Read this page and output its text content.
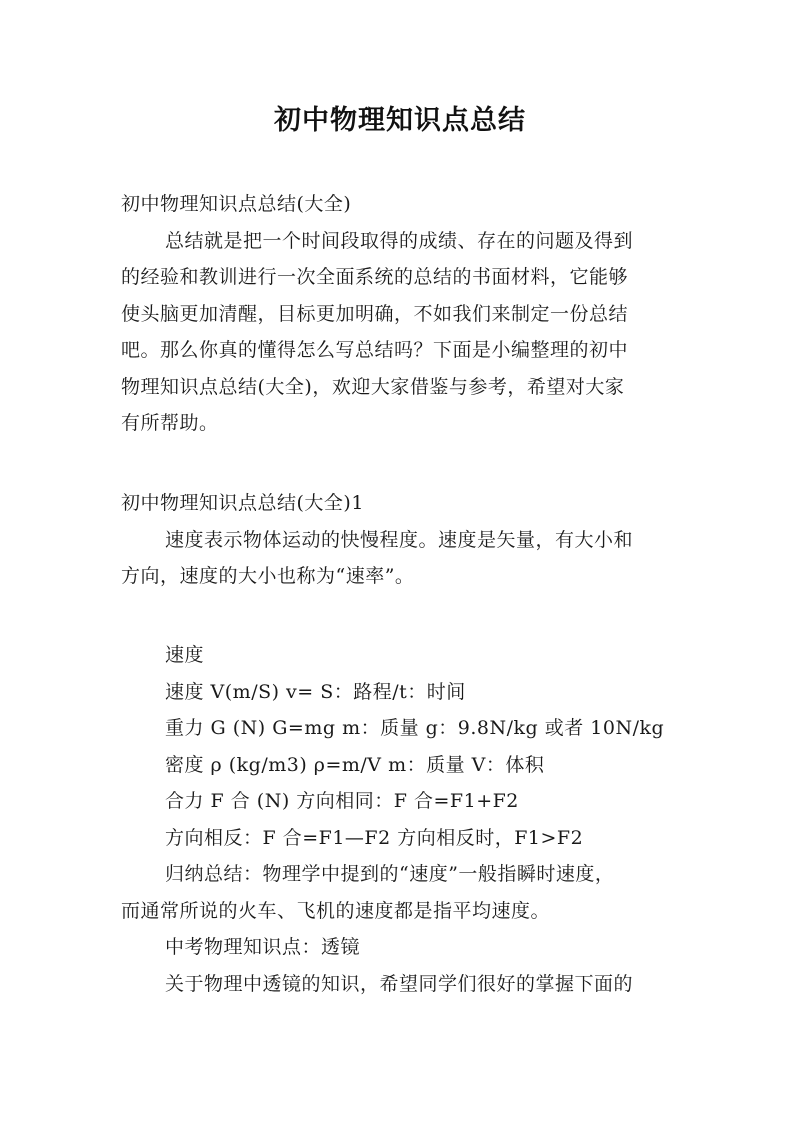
初中物理知识点总结
初中物理知识点总结(大全)
总结就是把一个时间段取得的成绩、存在的问题及得到
的经验和教训进行一次全面系统的总结的书面材料，它能够
使头脑更加清醒，目标更加明确，不如我们来制定一份总结
吧。那么你真的懂得怎么写总结吗？下面是小编整理的初中
物理知识点总结(大全)，欢迎大家借鉴与参考，希望对大家
有所帮助。
初中物理知识点总结(大全)1
速度表示物体运动的快慢程度。速度是矢量，有大小和
方向，速度的大小也称为“速率”。
速度
速度 V(m/S) v= S：路程/t：时间
重力 G (N) G=mg m：质量 g：9.8N/kg 或者 10N/kg
密度 ρ (kg/m3) ρ=m/V m：质量 V：体积
合力 F 合 (N) 方向相同：F 合=F1+F2
方向相反：F 合=F1—F2 方向相反时，F1>F2
归纳总结：物理学中提到的“速度”一般指瞬时速度，
而通常所说的火车、飞机的速度都是指平均速度。
中考物理知识点：透镜
关于物理中透镜的知识，希望同学们很好的掌握下面的
